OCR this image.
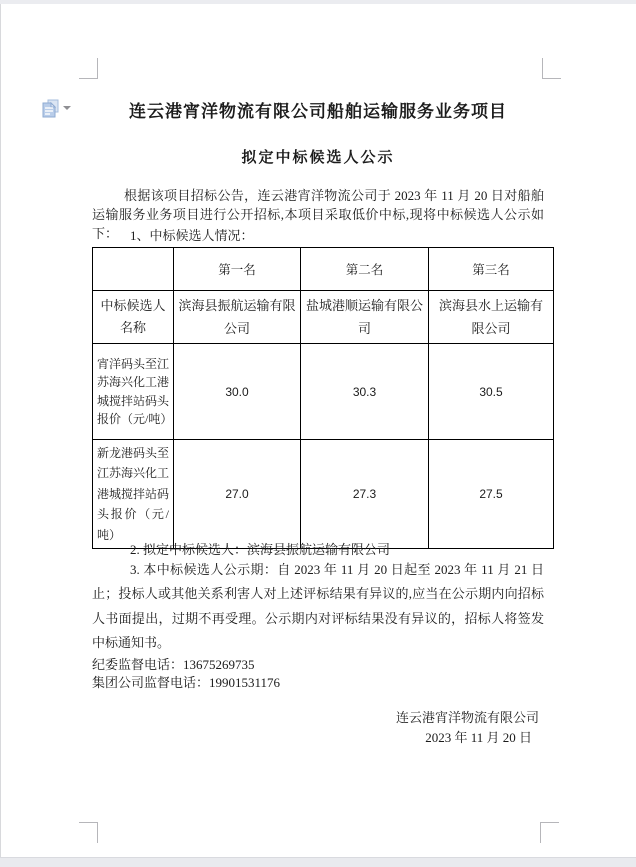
连云港宵洋物流有限公司船舶运输服务业务项目
拟定中标候选人公示
根据该项目招标公告，连云港宵洋物流公司于 2023 年 11 月 20 日对船舶运输服务业务项目进行公开招标,本项目采取低价中标,现将中标候选人公示如下： 1、中标候选人情况：
	第一名	第二名	第三名
中标候选人名称	滨海县振航运输有限公司	盐城港顺运输有限公司	滨海县水上运输有限公司
宵洋码头至江苏海兴化工港城搅拌站码头报价（元/吨）	30.0	30.3	30.5
新龙港码头至江苏海兴化工港城搅拌站码头报价（元/吨）	27.0	27.3	27.5
2. 拟定中标候选人：滨海县振航运输有限公司
3. 本中标候选人公示期：自 2023 年 11 月 20 日起至 2023 年 11 月 21 日止；投标人或其他关系利害人对上述评标结果有异议的,应当在公示期内向招标人书面提出，过期不再受理。公示期内对评标结果没有异议的，招标人将签发中标通知书。
纪委监督电话：13675269735
集团公司监督电话：19901531176
连云港宵洋物流有限公司
2023 年 11 月 20 日
